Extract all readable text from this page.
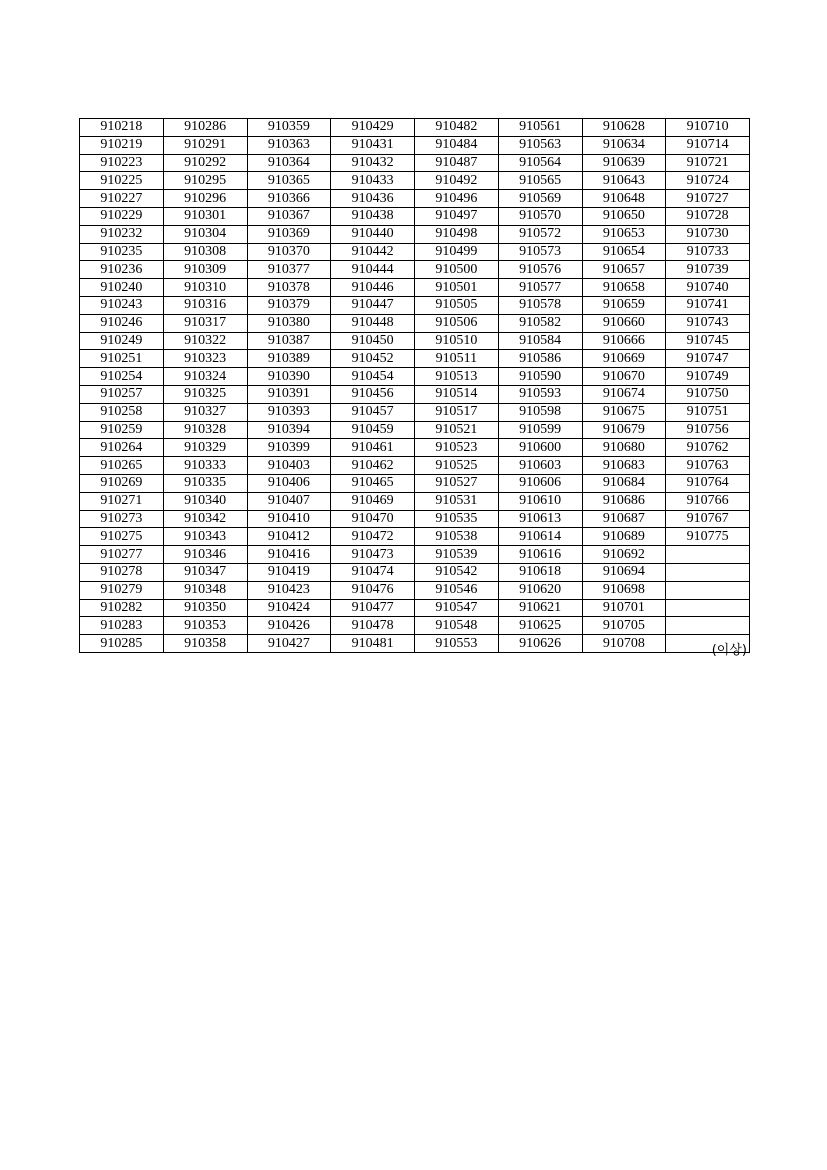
910218	910286	910359	910429	910482	910561	910628	910710
910219	910291	910363	910431	910484	910563	910634	910714
910223	910292	910364	910432	910487	910564	910639	910721
910225	910295	910365	910433	910492	910565	910643	910724
910227	910296	910366	910436	910496	910569	910648	910727
910229	910301	910367	910438	910497	910570	910650	910728
910232	910304	910369	910440	910498	910572	910653	910730
910235	910308	910370	910442	910499	910573	910654	910733
910236	910309	910377	910444	910500	910576	910657	910739
910240	910310	910378	910446	910501	910577	910658	910740
910243	910316	910379	910447	910505	910578	910659	910741
910246	910317	910380	910448	910506	910582	910660	910743
910249	910322	910387	910450	910510	910584	910666	910745
910251	910323	910389	910452	910511	910586	910669	910747
910254	910324	910390	910454	910513	910590	910670	910749
910257	910325	910391	910456	910514	910593	910674	910750
910258	910327	910393	910457	910517	910598	910675	910751
910259	910328	910394	910459	910521	910599	910679	910756
910264	910329	910399	910461	910523	910600	910680	910762
910265	910333	910403	910462	910525	910603	910683	910763
910269	910335	910406	910465	910527	910606	910684	910764
910271	910340	910407	910469	910531	910610	910686	910766
910273	910342	910410	910470	910535	910613	910687	910767
910275	910343	910412	910472	910538	910614	910689	910775
910277	910346	910416	910473	910539	910616	910692	
910278	910347	910419	910474	910542	910618	910694	
910279	910348	910423	910476	910546	910620	910698	
910282	910350	910424	910477	910547	910621	910701	
910283	910353	910426	910478	910548	910625	910705	
910285	910358	910427	910481	910553	910626	910708		(이상)
